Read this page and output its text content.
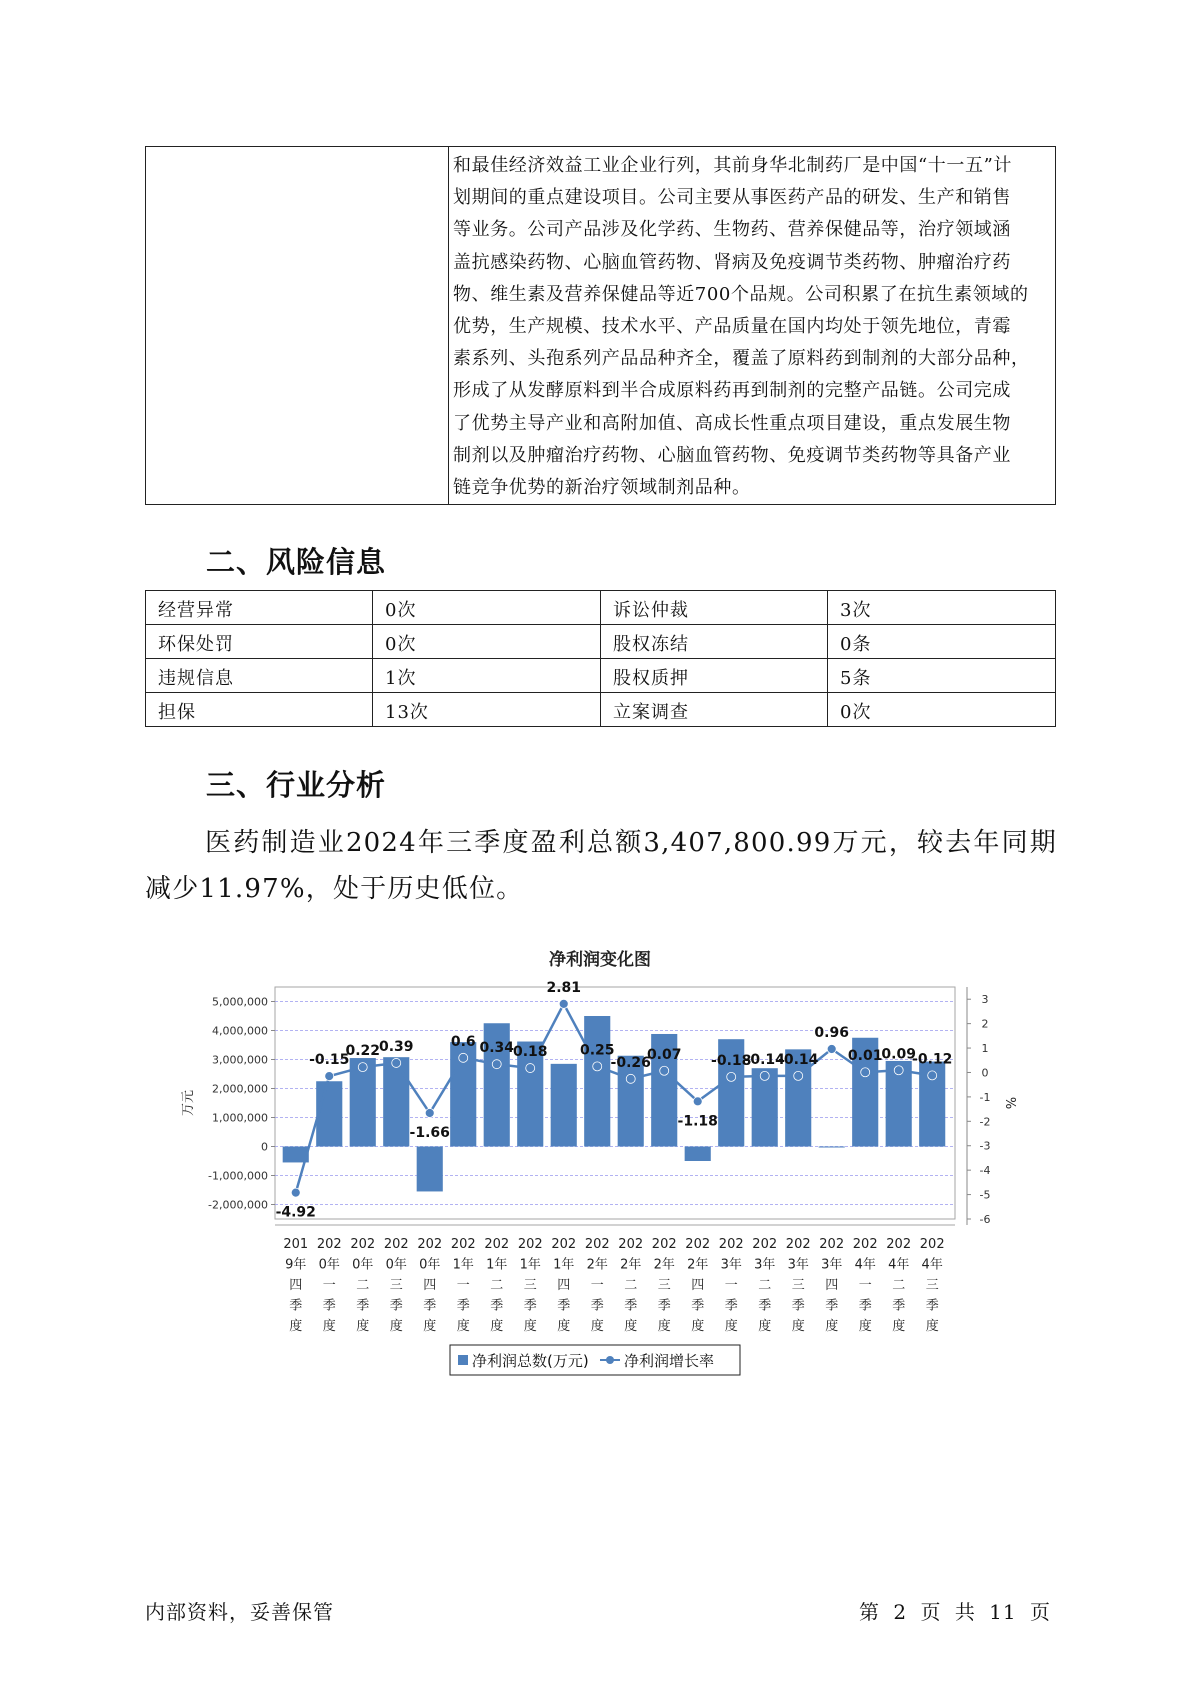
和最佳经济效益工业企业行列，其前身华北制药厂是中国“十一五”计
划期间的重点建设项目。公司主要从事医药产品的研发、生产和销售
等业务。公司产品涉及化学药、生物药、营养保健品等，治疗领域涵
盖抗感染药物、心脑血管药物、肾病及免疫调节类药物、肿瘤治疗药
物、维生素及营养保健品等近700个品规。公司积累了在抗生素领域的
优势，生产规模、技术水平、产品质量在国内均处于领先地位，青霉
素系列、头孢系列产品品种齐全，覆盖了原料药到制剂的大部分品种，
形成了从发酵原料到半合成原料药再到制剂的完整产品链。公司完成
了优势主导产业和高附加值、高成长性重点项目建设，重点发展生物
制剂以及肿瘤治疗药物、心脑血管药物、免疫调节类药物等具备产业
链竞争优势的新治疗领域制剂品种。
二、风险信息
经营异常	0次	诉讼仲裁	3次
环保处罚	0次	股权冻结	0条
违规信息	1次	股权质押	5条
担保	13次	立案调查	0次
三、行业分析
医药制造业2024年三季度盈利总额3,407,800.99万元，较去年同期减少11.97%，处于历史低位。
净利润变化图
5,000,000
4,000,000
3,000,000
2,000,000
1,000,000
0
-1,000,000
-2,000,000
3
2
1
0
-1
-2
-3
-4
-5
-6
万元	%
-4.92
-0.15
0.22
0.39
-1.66
0.6 0.34
0.18
2.81
0.25
-0.26
0.07
-1.18
-0.18
-0.14
-0.14
0.96
0.01
0.09
-0.12
201
9年
四
季
度
202
0年
一
季
度
202
0年
二
季
度
202
0年
三
季
度
202
0年
四
季
度
202
1年
一
季
度
202
1年
二
季
度
202
1年
三
季
度
202
1年
四
季
度
202
2年
一
季
度
202
2年
二
季
度
202
2年
三
季
度
202
2年
四
季
度
202
3年
一
季
度
202
3年
二
季
度
202
3年
三
季
度
202
3年
四
季
度
202
4年
一
季
度
202
4年
二
季
度
202
4年
三
季
度
净利润总数(万元) 净利润增长率
内部资料，妥善保管	第 2 页 共 11 页
